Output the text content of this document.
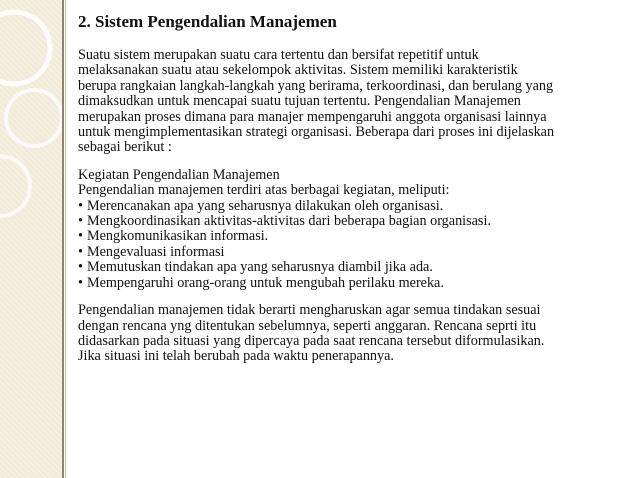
2. Sistem Pengendalian Manajemen
Suatu sistem merupakan suatu cara tertentu dan bersifat repetitif untuk
melaksanakan suatu atau sekelompok aktivitas. Sistem memiliki karakteristik
berupa rangkaian langkah-langkah yang berirama, terkoordinasi, dan berulang yang
dimaksudkan untuk mencapai suatu tujuan tertentu. Pengendalian Manajemen
merupakan proses dimana para manajer mempengaruhi anggota organisasi lainnya
untuk mengimplementasikan strategi organisasi. Beberapa dari proses ini dijelaskan
sebagai berikut :
Kegiatan Pengendalian Manajemen
Pengendalian manajemen terdiri atas berbagai kegiatan, meliputi:
• Merencanakan apa yang seharusnya dilakukan oleh organisasi.
• Mengkoordinasikan aktivitas-aktivitas dari beberapa bagian organisasi.
• Mengkomunikasikan informasi.
• Mengevaluasi informasi
• Memutuskan tindakan apa yang seharusnya diambil jika ada.
• Mempengaruhi orang-orang untuk mengubah perilaku mereka.
Pengendalian manajemen tidak berarti mengharuskan agar semua tindakan sesuai
dengan rencana yng ditentukan sebelumnya, seperti anggaran. Rencana seprti itu
didasarkan pada situasi yang dipercaya pada saat rencana tersebut diformulasikan.
Jika situasi ini telah berubah pada waktu penerapannya.
